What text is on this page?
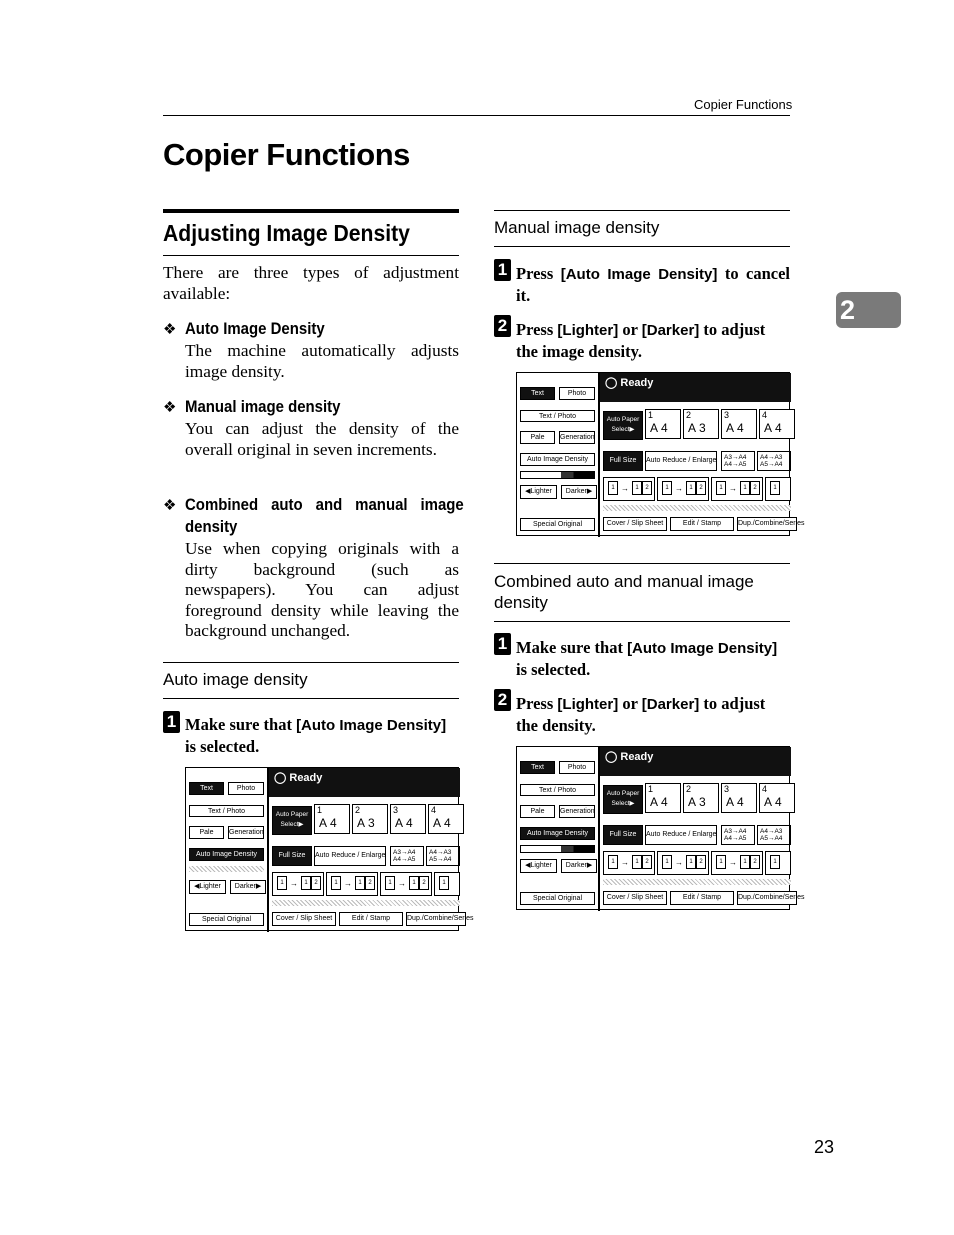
Copier Functions
Copier Functions
2
Adjusting Image Density
There are three types of adjustment available:
❖ Auto Image Density
The machine automatically adjusts image density.
❖ Manual image density
You can adjust the density of the overall original in seven increments.
❖ Combined auto and manual image
density
Use when copying originals with a dirty background (such as newspapers). You can adjust foreground density while leaving the background unchanged.
Auto image density
1 Make sure that [Auto Image Density] is selected.
Text	Photo
Text / Photo
Pale	Generation
Auto Image Density
◀Lighter	Darker▶
Special Original
◯ Ready
Auto Paper
Select▶
1
A4
2
A3
3
A4
4
A4
Full Size	Auto Reduce / Enlarge A3→A4
A4→A5
A4→A3
A5→A4
1 →	1	2	1 →	1	2	1 →	1	2	1
Cover / Slip Sheet	Edit / Stamp	Dup./Combine/Series
Manual image density
1 Press [Auto Image Density] to cancel it.
2 Press [Lighter] or [Darker] to adjust the image density.
Text	Photo
Text / Photo
Pale	Generation
Auto Image Density
◀Lighter	Darker▶
Special Original
◯ Ready
Auto Paper
Select▶
1
A4
2
A3
3
A4
4
A4
Full Size	Auto Reduce / Enlarge A3→A4
A4→A5
A4→A3
A5→A4
1 →	1	2	1 →	1	2	1 →	1	2	1
Cover / Slip Sheet	Edit / Stamp	Dup./Combine/Series
Combined auto and manual image density
1 Make sure that [Auto Image Density] is selected.
2 Press [Lighter] or [Darker] to adjust the density.
Text	Photo
Text / Photo
Pale	Generation
Auto Image Density
◀Lighter	Darker▶
Special Original
◯ Ready
Auto Paper
Select▶
1
A4
2
A3
3
A4
4
A4
Full Size	Auto Reduce / Enlarge A3→A4
A4→A5
A4→A3
A5→A4
1 →	1	2	1 →	1	2	1 →	1	2	1
Cover / Slip Sheet	Edit / Stamp	Dup./Combine/Series
23
